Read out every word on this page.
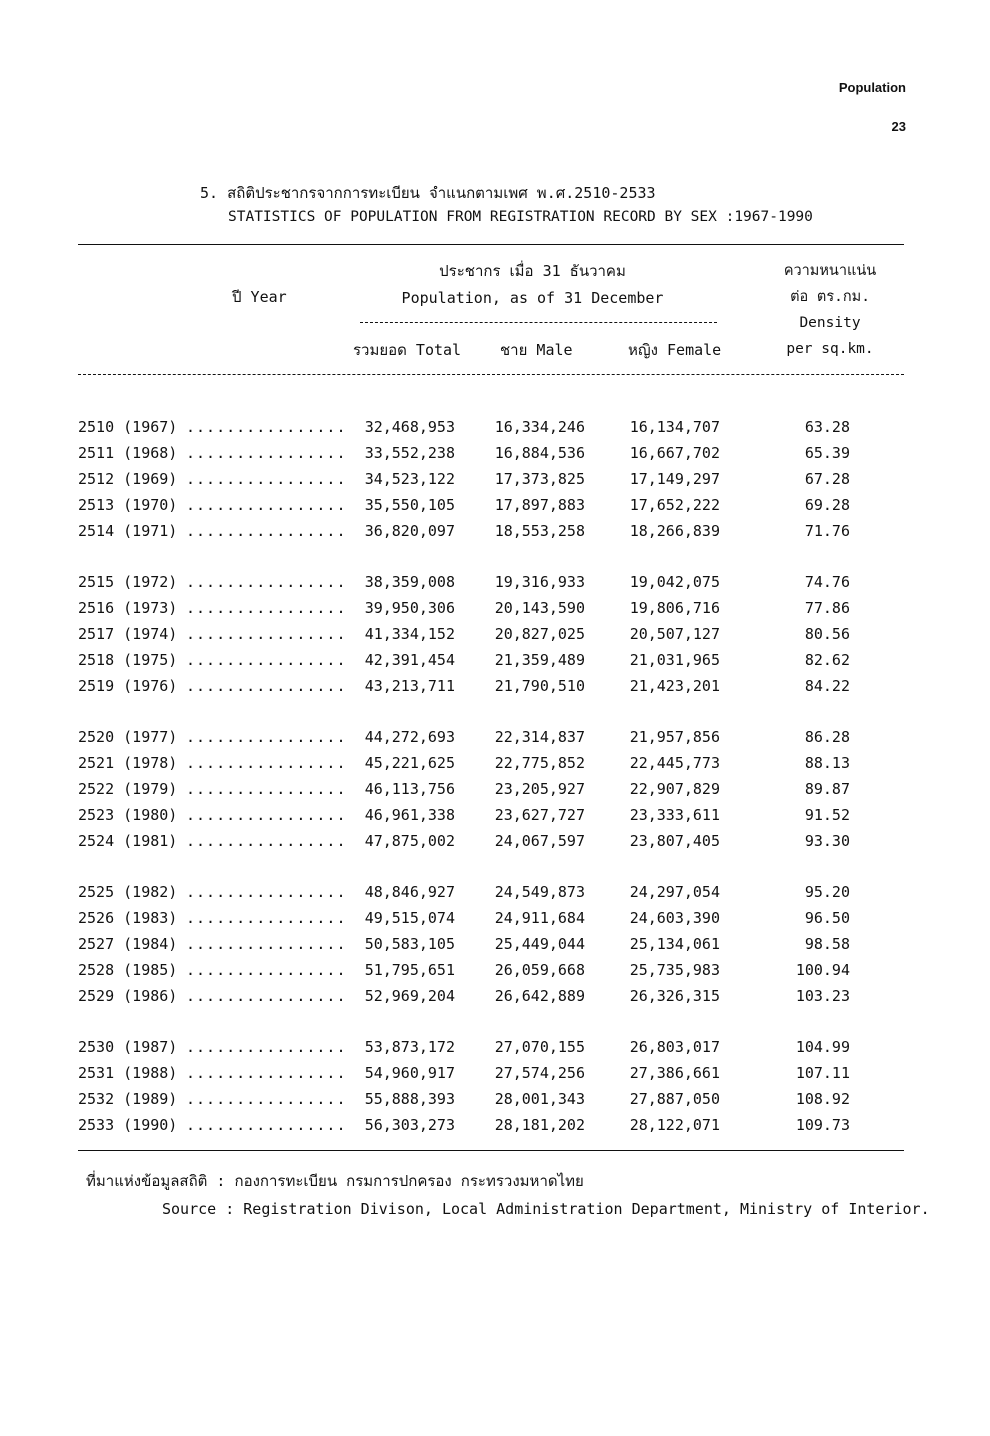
Population
23
5. สถิติประชากรจากการทะเบียน จำแนกตามเพศ พ.ศ.2510-2533
STATISTICS OF POPULATION FROM REGISTRATION RECORD BY SEX :1967-1990
ปี Year
ประชากร เมื่อ 31 ธันวาคม
Population, as of 31 December
รวมยอด Total	ชาย Male	หญิง Female
ความหนาแน่น
ต่อ ตร.กม.
Density
per sq.km.
2510 (1967) ................	32,468,953	16,334,246	16,134,707	63.28
2511 (1968) ................	33,552,238	16,884,536	16,667,702	65.39
2512 (1969) ................	34,523,122	17,373,825	17,149,297	67.28
2513 (1970) ................	35,550,105	17,897,883	17,652,222	69.28
2514 (1971) ................	36,820,097	18,553,258	18,266,839	71.76
2515 (1972) ................	38,359,008	19,316,933	19,042,075	74.76
2516 (1973) ................	39,950,306	20,143,590	19,806,716	77.86
2517 (1974) ................	41,334,152	20,827,025	20,507,127	80.56
2518 (1975) ................	42,391,454	21,359,489	21,031,965	82.62
2519 (1976) ................	43,213,711	21,790,510	21,423,201	84.22
2520 (1977) ................	44,272,693	22,314,837	21,957,856	86.28
2521 (1978) ................	45,221,625	22,775,852	22,445,773	88.13
2522 (1979) ................	46,113,756	23,205,927	22,907,829	89.87
2523 (1980) ................	46,961,338	23,627,727	23,333,611	91.52
2524 (1981) ................	47,875,002	24,067,597	23,807,405	93.30
2525 (1982) ................	48,846,927	24,549,873	24,297,054	95.20
2526 (1983) ................	49,515,074	24,911,684	24,603,390	96.50
2527 (1984) ................	50,583,105	25,449,044	25,134,061	98.58
2528 (1985) ................	51,795,651	26,059,668	25,735,983	100.94
2529 (1986) ................	52,969,204	26,642,889	26,326,315	103.23
2530 (1987) ................	53,873,172	27,070,155	26,803,017	104.99
2531 (1988) ................	54,960,917	27,574,256	27,386,661	107.11
2532 (1989) ................	55,888,393	28,001,343	27,887,050	108.92
2533 (1990) ................	56,303,273	28,181,202	28,122,071	109.73
ที่มาแห่งข้อมูลสถิติ : กองการทะเบียน กรมการปกครอง กระทรวงมหาดไทย
Source : Registration Divison, Local Administration Department, Ministry of Interior.
